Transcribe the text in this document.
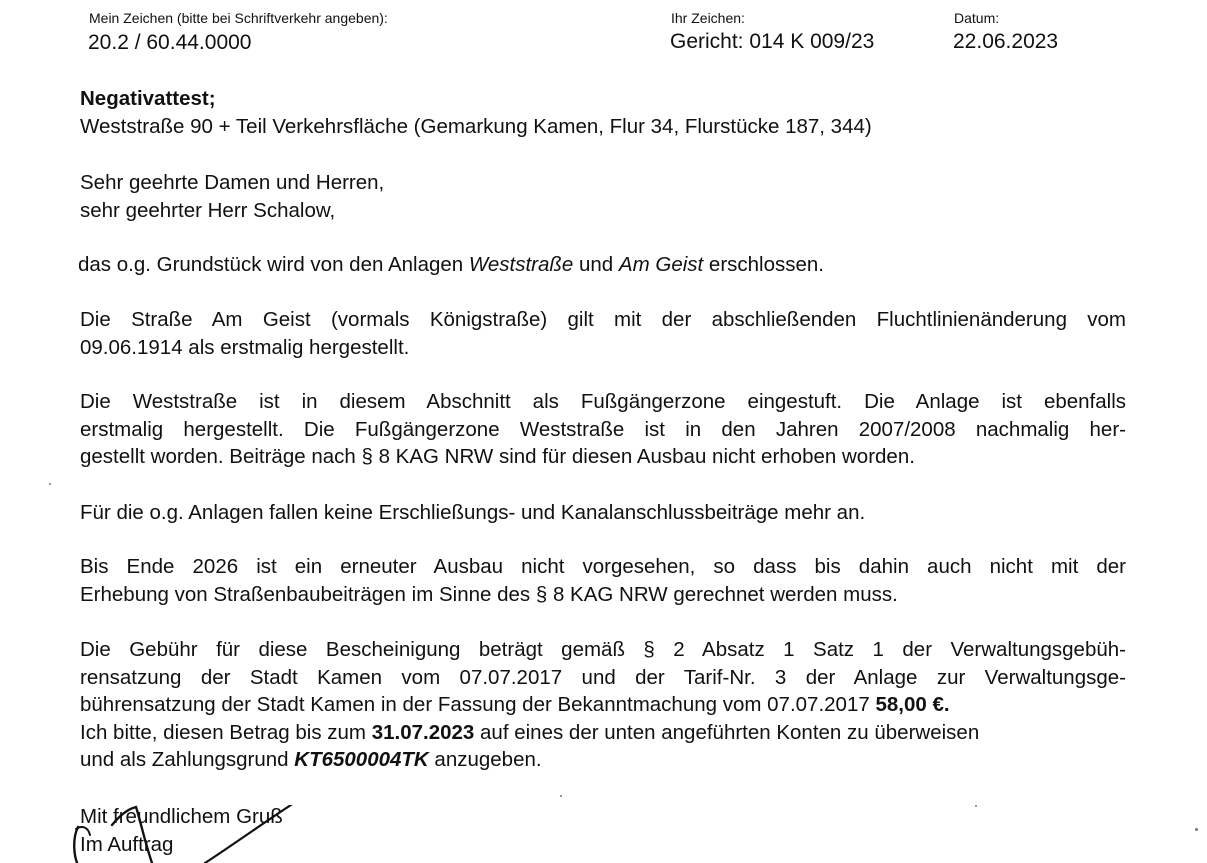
Mein Zeichen (bitte bei Schriftverkehr angeben):
20.2 / 60.44.0000
Ihr Zeichen:
Gericht: 014 K 009/23
Datum:
22.06.2023
Negativattest;
Weststraße 90 + Teil Verkehrsfläche (Gemarkung Kamen, Flur 34, Flurstücke 187, 344)
Sehr geehrte Damen und Herren,
sehr geehrter Herr Schalow,
das o.g. Grundstück wird von den Anlagen Weststraße und Am Geist erschlossen.
Die Straße Am Geist (vormals Königstraße) gilt mit der abschließenden Fluchtlinienänderung vom
09.06.1914 als erstmalig hergestellt.
Die Weststraße ist in diesem Abschnitt als Fußgängerzone eingestuft. Die Anlage ist ebenfalls
erstmalig hergestellt. Die Fußgängerzone Weststraße ist in den Jahren 2007/2008 nachmalig her-
gestellt worden. Beiträge nach § 8 KAG NRW sind für diesen Ausbau nicht erhoben worden.
Für die o.g. Anlagen fallen keine Erschließungs- und Kanalanschlussbeiträge mehr an.
Bis Ende 2026 ist ein erneuter Ausbau nicht vorgesehen, so dass bis dahin auch nicht mit der
Erhebung von Straßenbaubeiträgen im Sinne des § 8 KAG NRW gerechnet werden muss.
Die Gebühr für diese Bescheinigung beträgt gemäß § 2 Absatz 1 Satz 1 der Verwaltungsgebüh-
rensatzung der Stadt Kamen vom 07.07.2017 und der Tarif-Nr. 3 der Anlage zur Verwaltungsge-
bührensatzung der Stadt Kamen in der Fassung der Bekanntmachung vom 07.07.2017 58,00 €.
Ich bitte, diesen Betrag bis zum 31.07.2023 auf eines der unten angeführten Konten zu überweisen
und als Zahlungsgrund KT6500004TK anzugeben.
Mit freundlichem Gruß
Im Auftrag
